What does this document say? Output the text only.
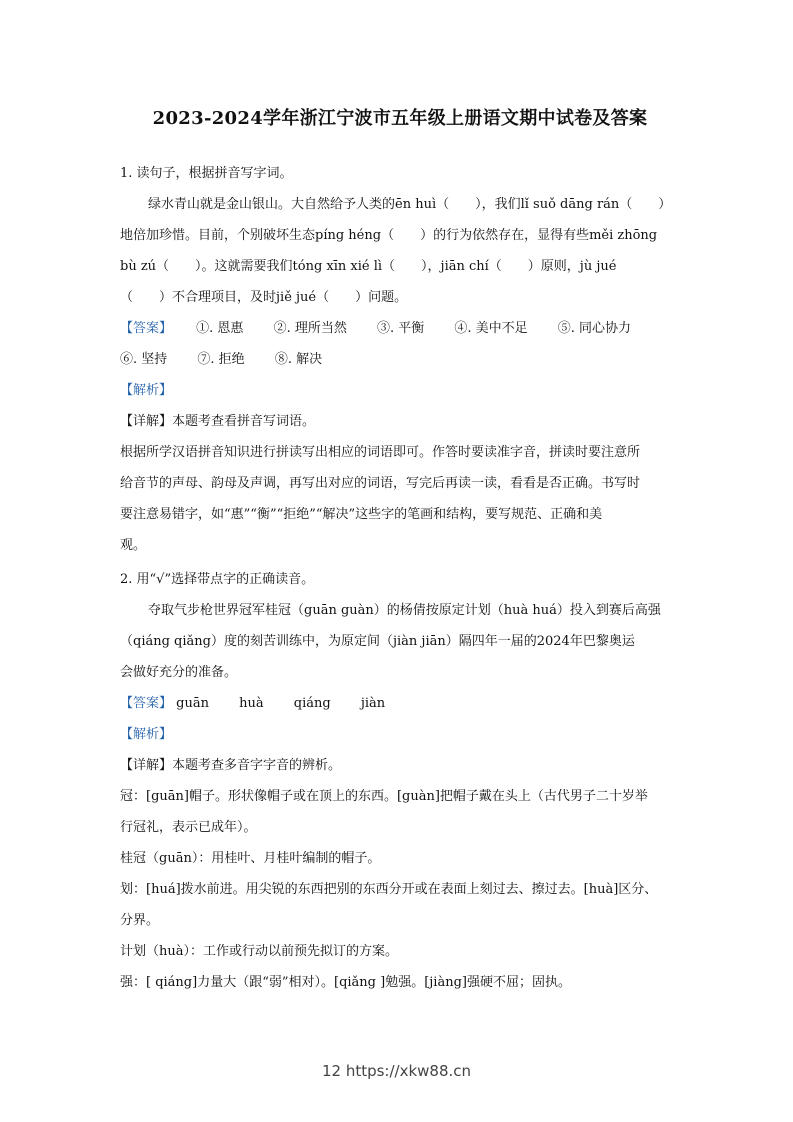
2023-2024学年浙江宁波市五年级上册语文期中试卷及答案
1. 读句子，根据拼音写字词。
绿水青山就是金山银山。大自然给予人类的ēn huì（　　），我们lǐ suǒ dāng rán（　　）
地倍加珍惜。目前，个别破坏生态píng héng（　　）的行为依然存在，显得有些měi zhōng
bù zú（　　）。这就需要我们tóng xīn xié lì（　　），jiān chí（　　）原则，jù jué
（　　）不合理项目，及时jiě jué（　　）问题。
【答案】 ①. 恩惠 ②. 理所当然 ③. 平衡 ④. 美中不足 ⑤. 同心协力
⑥. 坚持 ⑦. 拒绝 ⑧. 解决
【解析】
【详解】本题考查看拼音写词语。
根据所学汉语拼音知识进行拼读写出相应的词语即可。作答时要读准字音，拼读时要注意所
给音节的声母、韵母及声调，再写出对应的词语，写完后再读一读，看看是否正确。书写时
要注意易错字，如“惠”“衡”“拒绝”“解决”这些字的笔画和结构，要写规范、正确和美
观。
2. 用“√”选择带点字的正确读音。
夺取气步枪世界冠军桂冠（guān guàn）的杨倩按原定计划（huà huá）投入到赛后高强
（qiáng qiǎng）度的刻苦训练中，为原定间（jiàn jiān）隔四年一届的2024年巴黎奥运
会做好充分的准备。
【答案】 guān huà qiáng jiàn
【解析】
【详解】本题考查多音字字音的辨析。
冠：[guān]帽子。形状像帽子或在顶上的东西。[guàn]把帽子戴在头上（古代男子二十岁举
行冠礼，表示已成年）。
桂冠（guān）：用桂叶、月桂叶编制的帽子。
划：[huá]拨水前进。用尖锐的东西把别的东西分开或在表面上刻过去、擦过去。[huà]区分、
分界。
计划（huà）：工作或行动以前预先拟订的方案。
强：[ qiáng]力量大（跟“弱”相对）。[qiǎng ]勉强。[jiàng]强硬不屈；固执。
12 https://xkw88.cn
